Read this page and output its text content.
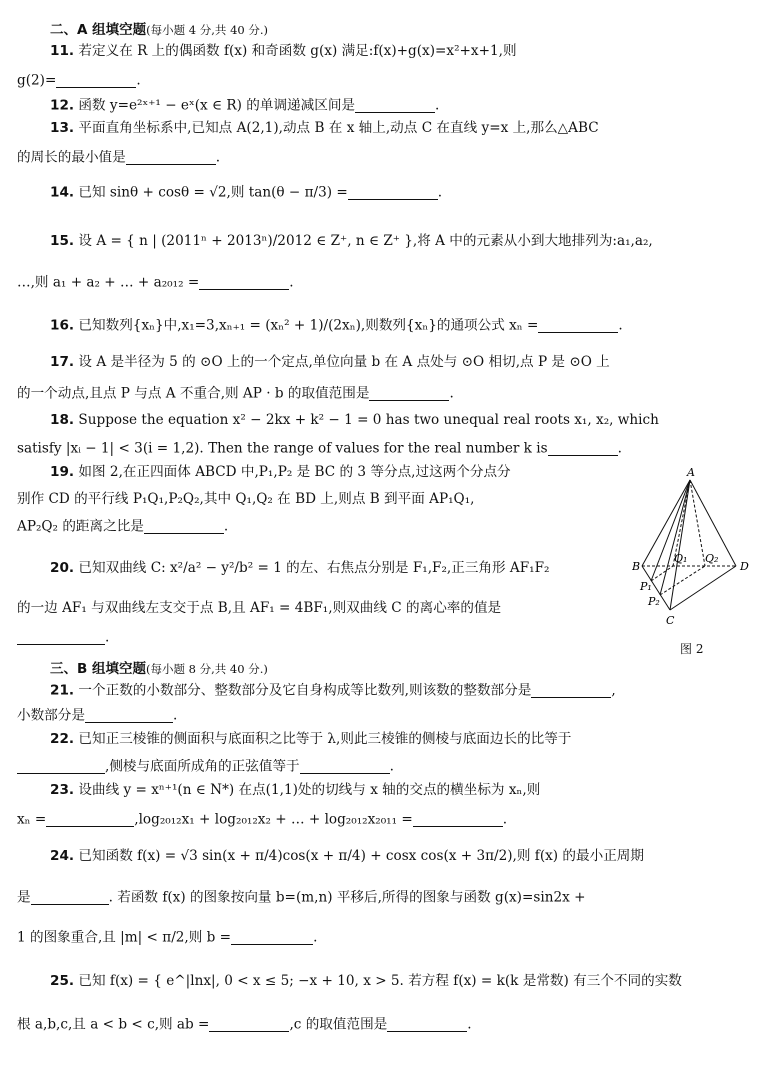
二、A 组填空题(每小题 4 分,共 40 分.)
11. 若定义在 R 上的偶函数 f(x) 和奇函数 g(x) 满足:f(x)+g(x)=x²+x+1,则
g(2)=	.
12. 函数 y=e²ˣ⁺¹ − eˣ(x ∈ R) 的单调递减区间是	.
13. 平面直角坐标系中,已知点 A(2,1),动点 B 在 x 轴上,动点 C 在直线 y=x 上,那么△ABC
的周长的最小值是	.
14. 已知 sinθ + cosθ = √2,则 tan(θ − π/3) =	.
15. 设 A = { n | (2011ⁿ + 2013ⁿ)/2012 ∈ Z⁺, n ∈ Z⁺ },将 A 中的元素从小到大地排列为:a₁,a₂,
…,则 a₁ + a₂ + … + a₂₀₁₂ =	.
16. 已知数列{xₙ}中,x₁=3,xₙ₊₁ = (xₙ² + 1)/(2xₙ),则数列{xₙ}的通项公式 xₙ =	.
17. 设 A 是半径为 5 的 ⊙O 上的一个定点,单位向量 b 在 A 点处与 ⊙O 相切,点 P 是 ⊙O 上
的一个动点,且点 P 与点 A 不重合,则 AP · b 的取值范围是	.
18. Suppose the equation x² − 2kx + k² − 1 = 0 has two unequal real roots x₁, x₂, which
satisfy |xᵢ − 1| < 3(i = 1,2). Then the range of values for the real number k is	.
19. 如图 2,在正四面体 ABCD 中,P₁,P₂ 是 BC 的 3 等分点,过这两个分点分
别作 CD 的平行线 P₁Q₁,P₂Q₂,其中 Q₁,Q₂ 在 BD 上,则点 B 到平面 AP₁Q₁,
AP₂Q₂ 的距离之比是	.
20. 已知双曲线 C: x²/a² − y²/b² = 1 的左、右焦点分别是 F₁,F₂,正三角形 AF₁F₂
的一边 AF₁ 与双曲线左支交于点 B,且 AF₁ = 4BF₁,则双曲线 C 的离心率的值是
.
三、B 组填空题(每小题 8 分,共 40 分.)
21. 一个正数的小数部分、整数部分及它自身构成等比数列,则该数的整数部分是	,
小数部分是	.
22. 已知正三棱锥的侧面积与底面积之比等于 λ,则此三棱锥的侧棱与底面边长的比等于
,侧棱与底面所成角的正弦值等于	.
23. 设曲线 y = xⁿ⁺¹(n ∈ N*) 在点(1,1)处的切线与 x 轴的交点的横坐标为 xₙ,则
xₙ =	,log₂₀₁₂x₁ + log₂₀₁₂x₂ + … + log₂₀₁₂x₂₀₁₁ =	.
24. 已知函数 f(x) = √3 sin(x + π/4)cos(x + π/4) + cosx cos(x + 3π/2),则 f(x) 的最小正周期
是	. 若函数 f(x) 的图象按向量 b=(m,n) 平移后,所得的图象与函数 g(x)=sin2x +
1 的图象重合,且 |m| < π/2,则 b =	.
25. 已知 f(x) = { e^|lnx|, 0 < x ≤ 5; −x + 10, x > 5. 若方程 f(x) = k(k 是常数) 有三个不同的实数
根 a,b,c,且 a < b < c,则 ab =	,c 的取值范围是	.
A
B
C
D
P₁
P₂
Q₁ Q₂
图 2
